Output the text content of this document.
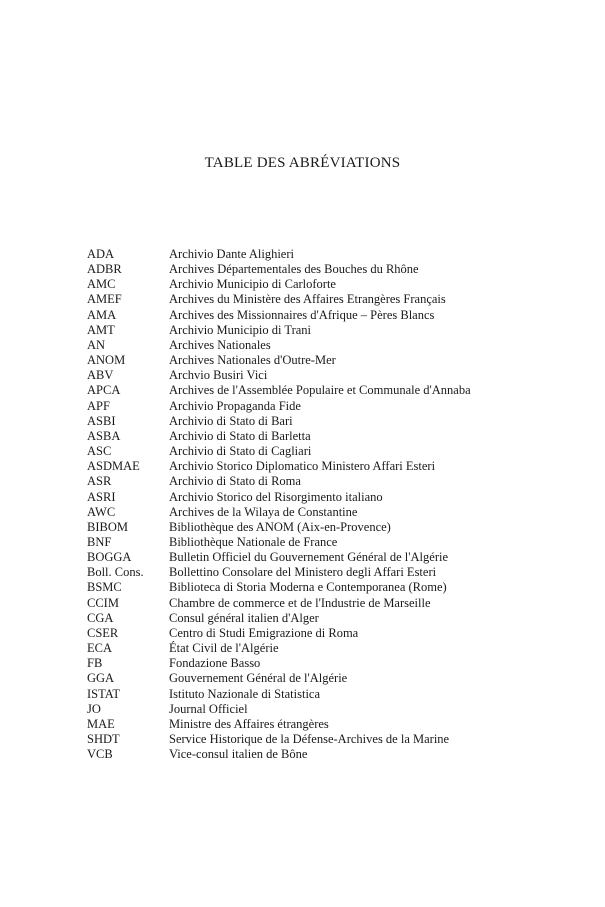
TABLE DES ABRÉVIATIONS
ADA	Archivio Dante Alighieri
ADBR	Archives Départementales des Bouches du Rhône
AMC	Archivio Municipio di Carloforte
AMEF	Archives du Ministère des Affaires Etrangères Français
AMA	Archives des Missionnaires d'Afrique – Pères Blancs
AMT	Archivio Municipio di Trani
AN	Archives Nationales
ANOM	Archives Nationales d'Outre-Mer
ABV	Archvio Busiri Vici
APCA	Archives de l'Assemblée Populaire et Communale d'Annaba
APF	Archivio Propaganda Fide
ASBI	Archivio di Stato di Bari
ASBA	Archivio di Stato di Barletta
ASC	Archivio di Stato di Cagliari
ASDMAE	Archivio Storico Diplomatico Ministero Affari Esteri
ASR	Archivio di Stato di Roma
ASRI	Archivio Storico del Risorgimento italiano
AWC	Archives de la Wilaya de Constantine
BIBOM	Bibliothèque des ANOM (Aix-en-Provence)
BNF	Bibliothèque Nationale de France
BOGGA	Bulletin Officiel du Gouvernement Général de l'Algérie
Boll. Cons.	Bollettino Consolare del Ministero degli Affari Esteri
BSMC	Biblioteca di Storia Moderna e Contemporanea (Rome)
CCIM	Chambre de commerce et de l'Industrie de Marseille
CGA	Consul général italien d'Alger
CSER	Centro di Studi Emigrazione di Roma
ECA	État Civil de l'Algérie
FB	Fondazione Basso
GGA	Gouvernement Général de l'Algérie
ISTAT	Istituto Nazionale di Statistica
JO	Journal Officiel
MAE	Ministre des Affaires étrangères
SHDT	Service Historique de la Défense-Archives de la Marine
VCB	Vice-consul italien de Bône
